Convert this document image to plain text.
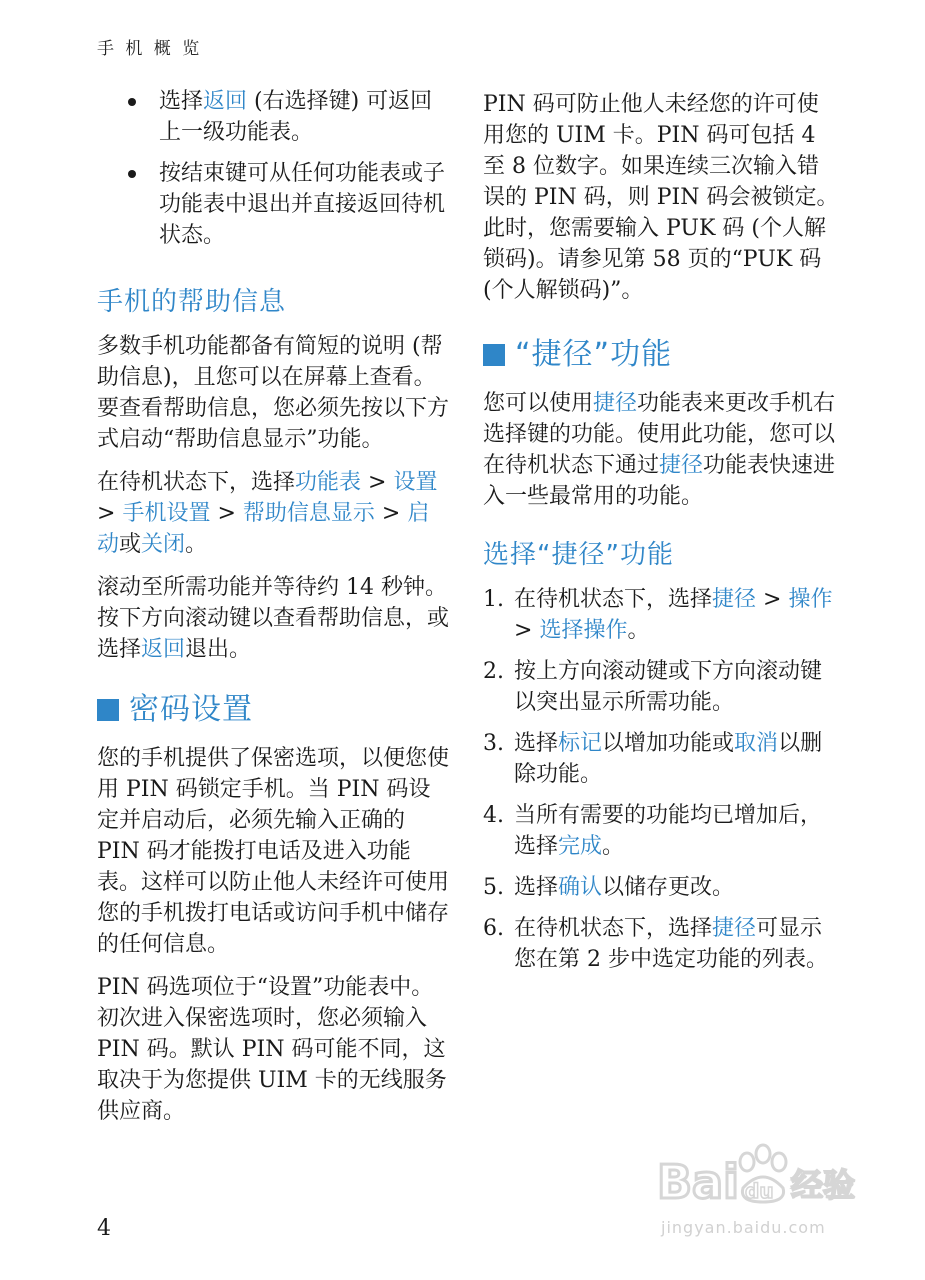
手 机 概 览
选择返回 (右选择键) 可返回上一级功能表。
按结束键可从任何功能表或子功能表中退出并直接返回待机状态。
手机的帮助信息

多数手机功能都备有简短的说明 (帮助信息)，且您可以在屏幕上查看。要查看帮助信息，您必须先按以下方式启动“帮助信息显示”功能。

在待机状态下，选择功能表 > 设置 > 手机设置 > 帮助信息显示 > 启动或关闭。

滚动至所需功能并等待约 14 秒钟。按下方向滚动键以查看帮助信息，或选择返回退出。

密码设置

您的手机提供了保密选项，以便您使用 PIN 码锁定手机。当 PIN 码设定并启动后，必须先输入正确的 PIN 码才能拨打电话及进入功能表。这样可以防止他人未经许可使用您的手机拨打电话或访问手机中储存的任何信息。

PIN 码选项位于“设置”功能表中。初次进入保密选项时，您必须输入 PIN 码。默认 PIN 码可能不同，这取决于为您提供 UIM 卡的无线服务供应商。

PIN 码可防止他人未经您的许可使用您的 UIM 卡。PIN 码可包括 4 至 8 位数字。如果连续三次输入错误的 PIN 码，则 PIN 码会被锁定。此时，您需要输入 PUK 码 (个人解锁码)。请参见第 58 页的“PUK 码 (个人解锁码)”。

“捷径”功能

您可以使用捷径功能表来更改手机右选择键的功能。使用此功能，您可以在待机状态下通过捷径功能表快速进入一些最常用的功能。

选择“捷径”功能
1. 在待机状态下，选择捷径 > 操作 > 选择操作。
2. 按上方向滚动键或下方向滚动键以突出显示所需功能。
3. 选择标记以增加功能或取消以删除功能。
4. 当所有需要的功能均已增加后，选择完成。
5. 选择确认以储存更改。
6. 在待机状态下，选择捷径可显示您在第 2 步中选定功能的列表。
4
Bai du 经验
jingyan.baidu.com
